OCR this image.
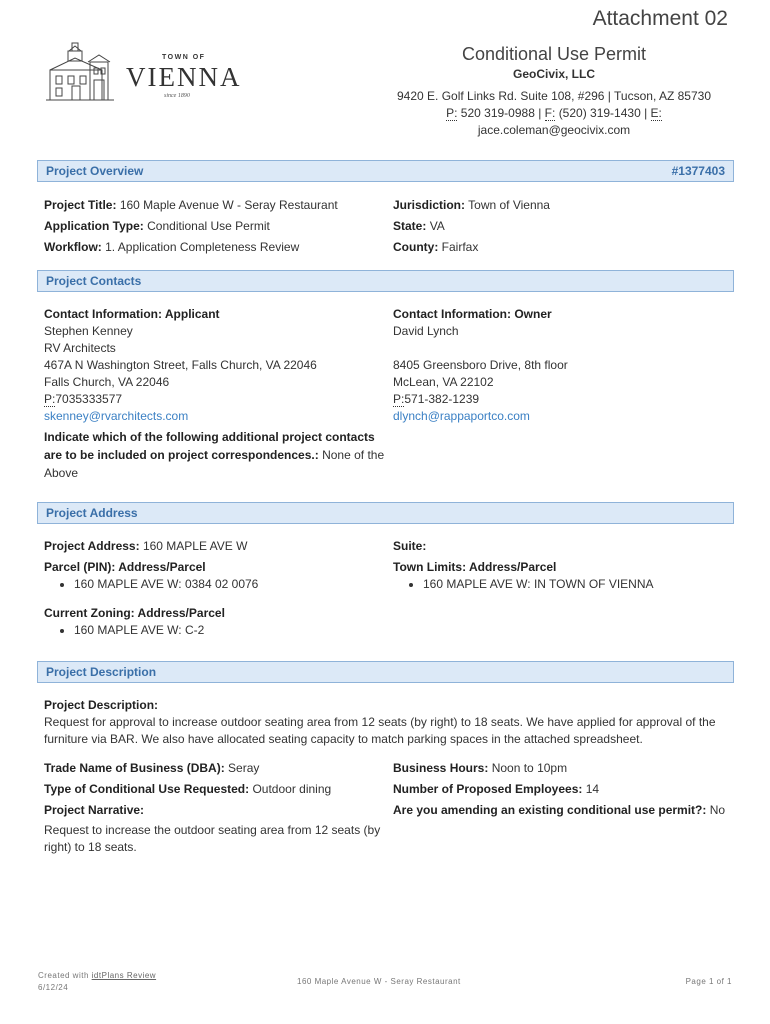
Attachment 02
TOWN OF
VIENNA
since 1890
Conditional Use Permit
GeoCivix, LLC
9420 E. Golf Links Rd. Suite 108, #296 | Tucson, AZ 85730
P: 520 319-0988 | F: (520) 319-1430 | E:
jace.coleman@geocivix.com
Project Overview	#1377403
Project Title: 160 Maple Avenue W - Seray Restaurant
Application Type: Conditional Use Permit
Workflow: 1. Application Completeness Review
Jurisdiction: Town of Vienna
State: VA
County: Fairfax
Project Contacts
Contact Information: Applicant
Stephen Kenney
RV Architects
467A N Washington Street, Falls Church, VA 22046
Falls Church, VA 22046
P:7035333577
skenney@rvarchitects.com
Indicate which of the following additional project contacts are to be included on project correspondences.: None of the Above
Contact Information: Owner
David Lynch
8405 Greensboro Drive, 8th floor
McLean, VA 22102
P:571-382-1239
dlynch@rappaportco.com
Project Address
Project Address: 160 MAPLE AVE W
Parcel (PIN): Address/Parcel
160 MAPLE AVE W: 0384 02 0076
Current Zoning: Address/Parcel
160 MAPLE AVE W: C-2
Suite:
Town Limits: Address/Parcel
160 MAPLE AVE W: IN TOWN OF VIENNA
Project Description
Project Description:
Request for approval to increase outdoor seating area from 12 seats (by right) to 18 seats. We have applied for approval of the furniture via BAR. We also have allocated seating capacity to match parking spaces in the attached spreadsheet.
Trade Name of Business (DBA): Seray
Type of Conditional Use Requested: Outdoor dining
Project Narrative:
Request to increase the outdoor seating area from 12 seats (by right) to 18 seats.
Business Hours: Noon to 10pm
Number of Proposed Employees: 14
Are you amending an existing conditional use permit?: No
Created with idtPlans Review
6/12/24
160 Maple Avenue W - Seray Restaurant	Page 1 of 1
